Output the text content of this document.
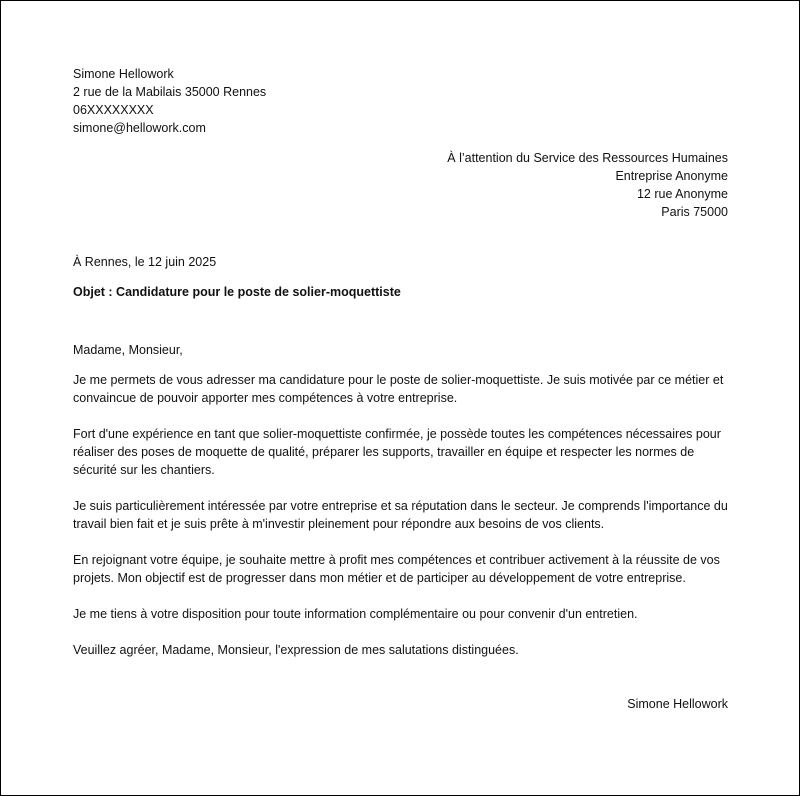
Simone Hellowork
2 rue de la Mabilais 35000 Rennes
06XXXXXXXX
simone@hellowork.com
À l’attention du Service des Ressources Humaines
Entreprise Anonyme
12 rue Anonyme
Paris 75000
À Rennes, le 12 juin 2025
Objet : Candidature pour le poste de solier-moquettiste
Madame, Monsieur,
Je me permets de vous adresser ma candidature pour le poste de solier-moquettiste. Je suis motivée par ce métier et convaincue de pouvoir apporter mes compétences à votre entreprise.
Fort d'une expérience en tant que solier-moquettiste confirmée, je possède toutes les compétences nécessaires pour réaliser des poses de moquette de qualité, préparer les supports, travailler en équipe et respecter les normes de sécurité sur les chantiers.
Je suis particulièrement intéressée par votre entreprise et sa réputation dans le secteur. Je comprends l'importance du travail bien fait et je suis prête à m'investir pleinement pour répondre aux besoins de vos clients.
En rejoignant votre équipe, je souhaite mettre à profit mes compétences et contribuer activement à la réussite de vos projets. Mon objectif est de progresser dans mon métier et de participer au développement de votre entreprise.
Je me tiens à votre disposition pour toute information complémentaire ou pour convenir d'un entretien.
Veuillez agréer, Madame, Monsieur, l'expression de mes salutations distinguées.
Simone Hellowork
